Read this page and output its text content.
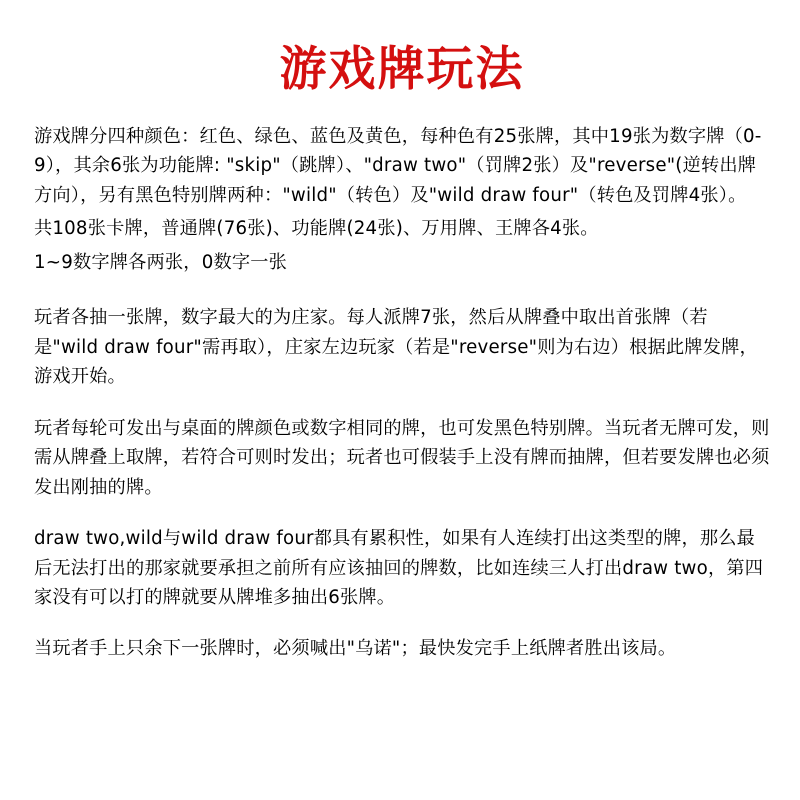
游戏牌玩法

游戏牌分四种颜色：红色、绿色、蓝色及黄色，每种色有25张牌，其中19张为数字牌（0-9），其余6张为功能牌: "skip"（跳牌）、"draw two"（罚牌2张）及"reverse"(逆转出牌方向），另有黑色特别牌两种："wild"（转色）及"wild draw four"（转色及罚牌4张）。

共108张卡牌，普通牌(76张)、功能牌(24张)、万用牌、王牌各4张。

1~9数字牌各两张，0数字一张

玩者各抽一张牌，数字最大的为庄家。每人派牌7张，然后从牌叠中取出首张牌（若是"wild draw four"需再取），庄家左边玩家（若是"reverse"则为右边）根据此牌发牌，游戏开始。

玩者每轮可发出与桌面的牌颜色或数字相同的牌，也可发黑色特别牌。当玩者无牌可发，则需从牌叠上取牌，若符合可则时发出；玩者也可假装手上没有牌而抽牌，但若要发牌也必须发出刚抽的牌。

draw two,wild与wild draw four都具有累积性，如果有人连续打出这类型的牌，那么最后无法打出的那家就要承担之前所有应该抽回的牌数，比如连续三人打出draw two，第四家没有可以打的牌就要从牌堆多抽出6张牌。

当玩者手上只余下一张牌时，必须喊出"乌诺"；最快发完手上纸牌者胜出该局。
